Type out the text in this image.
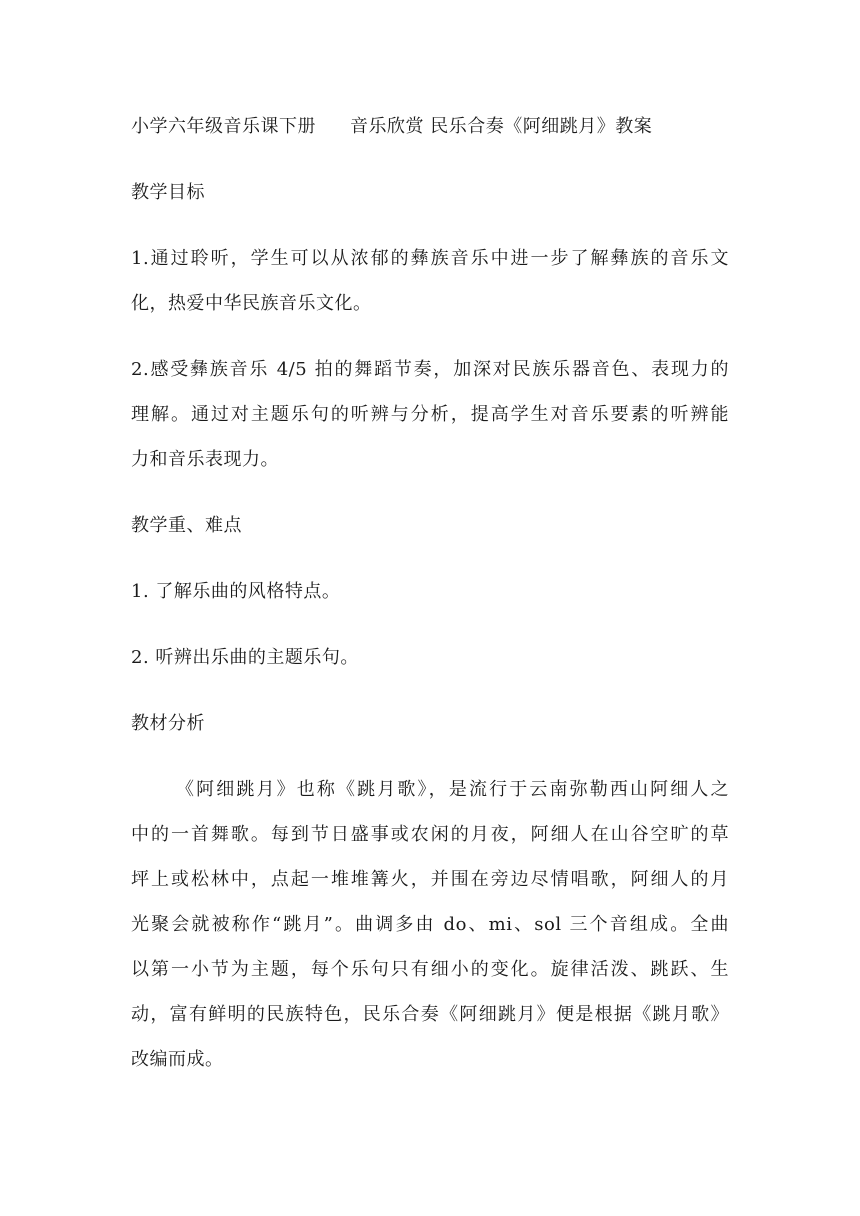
小学六年级音乐课下册 音乐欣赏 民乐合奏《阿细跳月》教案
教学目标
1.通过聆听，学生可以从浓郁的彝族音乐中进一步了解彝族的音乐文
化，热爱中华民族音乐文化。
2.感受彝族音乐 4/5 拍的舞蹈节奏，加深对民族乐器音色、表现力的
理解。通过对主题乐句的听辨与分析，提高学生对音乐要素的听辨能
力和音乐表现力。
教学重、难点
1. 了解乐曲的风格特点。
2. 听辨出乐曲的主题乐句。
教材分析
《阿细跳月》也称《跳月歌》，是流行于云南弥勒西山阿细人之
中的一首舞歌。每到节日盛事或农闲的月夜，阿细人在山谷空旷的草
坪上或松林中，点起一堆堆篝火，并围在旁边尽情唱歌，阿细人的月
光聚会就被称作“跳月”。曲调多由 do、mi、sol 三个音组成。全曲
以第一小节为主题，每个乐句只有细小的变化。旋律活泼、跳跃、生
动，富有鲜明的民族特色，民乐合奏《阿细跳月》便是根据《跳月歌》
改编而成。
